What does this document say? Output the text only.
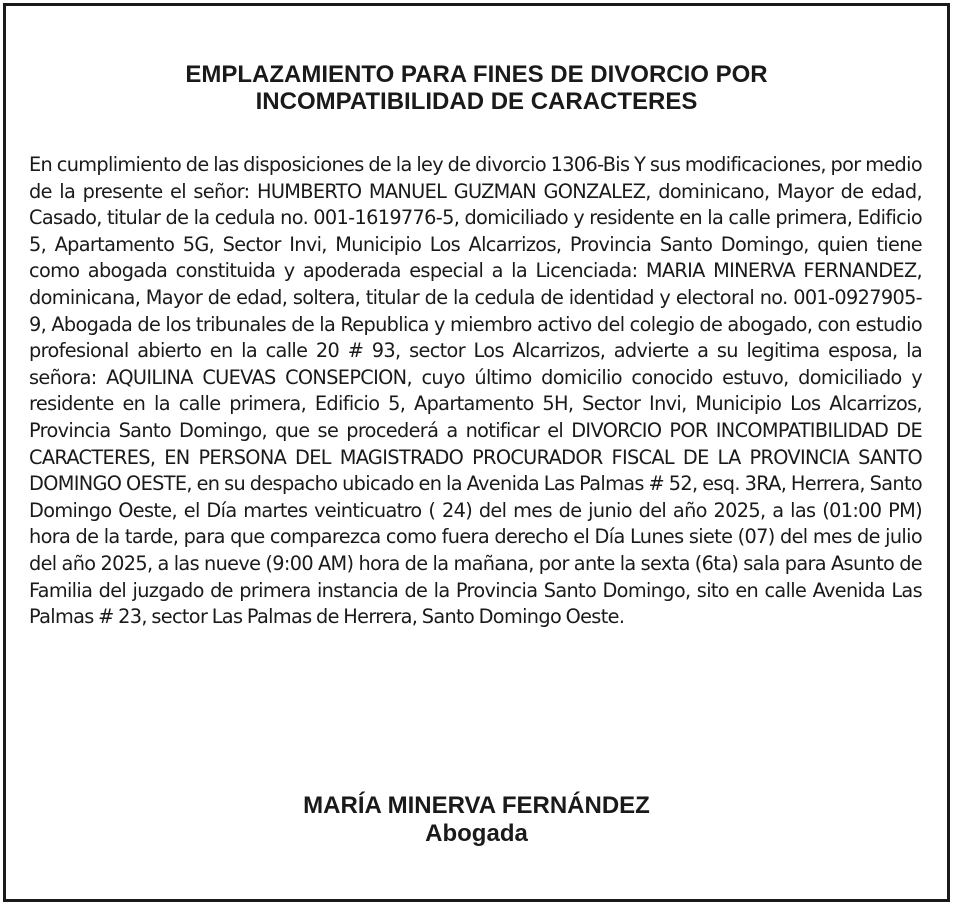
EMPLAZAMIENTO PARA FINES DE DIVORCIO POR
INCOMPATIBILIDAD DE CARACTERES

En cumplimiento de las disposiciones de la ley de divorcio 1306-Bis Y sus modificaciones, por medio de la presente el señor: HUMBERTO MANUEL GUZMAN GONZALEZ, dominicano, Mayor de edad, Casado, titular de la cedula no. 001-1619776-5, domiciliado y residente en la calle primera, Edificio 5, Apartamento 5G, Sector Invi, Municipio Los Alcarrizos, Provincia Santo Domingo, quien tiene como abogada constituida y apoderada especial a la Licenciada: MARIA MINERVA FERNANDEZ, dominicana, Mayor de edad, soltera, titular de la cedula de identidad y electoral no. 001-0927905-9, Abogada de los tribunales de la Republica y miembro activo del colegio de abogado, con estudio profesional abierto en la calle 20 # 93, sector Los Alcarrizos, advierte a su legitima esposa, la señora: AQUILINA CUEVAS CONSEPCION, cuyo último domicilio conocido estuvo, domiciliado y residente en la calle primera, Edificio 5, Apartamento 5H, Sector Invi, Municipio Los Alcarrizos, Provincia Santo Domingo, que se procederá a notificar el DIVORCIO POR INCOMPATIBILIDAD DE CARACTERES, EN PERSONA DEL MAGISTRADO PROCURADOR FISCAL DE LA PROVINCIA SANTO DOMINGO OESTE, en su despacho ubicado en la Avenida Las Palmas # 52, esq. 3RA, Herrera, Santo Domingo Oeste, el Día martes veinticuatro ( 24) del mes de junio del año 2025, a las (01:00 PM) hora de la tarde, para que comparezca como fuera derecho el Día Lunes siete (07) del mes de julio del año 2025, a las nueve (9:00 AM) hora de la mañana, por ante la sexta (6ta) sala para Asunto de Familia del juzgado de primera instancia de la Provincia Santo Domingo, sito en calle Avenida Las Palmas # 23, sector Las Palmas de Herrera, Santo Domingo Oeste.

MARÍA MINERVA FERNÁNDEZ
Abogada
